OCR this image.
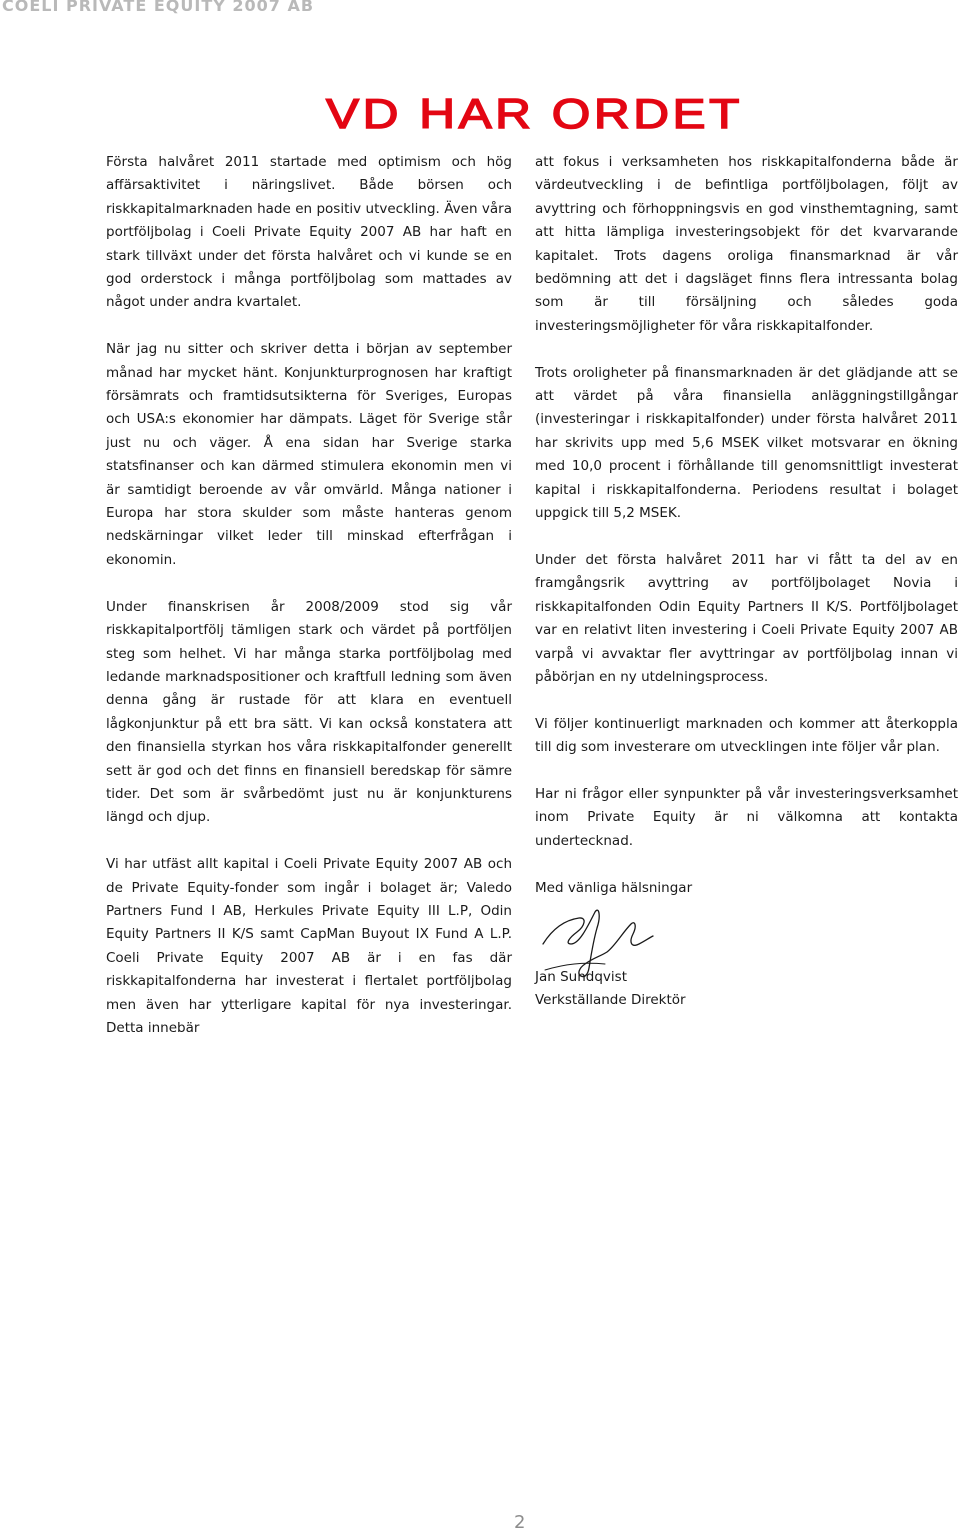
COELI PRIVATE EQUITY 2007 AB
VD HAR ORDET

Första halvåret 2011 startade med optimism och hög affärsaktivitet i näringslivet. Både börsen och riskkapitalmarknaden hade en positiv utveckling. Även våra portföljbolag i Coeli Private Equity 2007 AB har haft en stark tillväxt under det första halvåret och vi kunde se en god orderstock i många portföljbolag som mattades av något under andra kvartalet.

När jag nu sitter och skriver detta i början av september månad har mycket hänt. Konjunkturprognosen har kraftigt försämrats och framtidsutsikterna för Sveriges, Europas och USA:s ekonomier har dämpats. Läget för Sverige står just nu och väger. Å ena sidan har Sverige starka statsfinanser och kan därmed stimulera ekonomin men vi är samtidigt beroende av vår omvärld. Många nationer i Europa har stora skulder som måste hanteras genom nedskärningar vilket leder till minskad efterfrågan i ekonomin.

Under finanskrisen år 2008/2009 stod sig vår riskkapitalportfölj tämligen stark och värdet på portföljen steg som helhet. Vi har många starka portföljbolag med ledande marknadspositioner och kraftfull ledning som även denna gång är rustade för att klara en eventuell lågkonjunktur på ett bra sätt. Vi kan också konstatera att den finansiella styrkan hos våra riskkapitalfonder generellt sett är god och det finns en finansiell beredskap för sämre tider. Det som är svårbedömt just nu är konjunkturens längd och djup.

Vi har utfäst allt kapital i Coeli Private Equity 2007 AB och de Private Equity-fonder som ingår i bolaget är; Valedo Partners Fund I AB, Herkules Private Equity III L.P, Odin Equity Partners II K/S samt CapMan Buyout IX Fund A L.P. Coeli Private Equity 2007 AB är i en fas där riskkapitalfonderna har investerat i flertalet portföljbolag men även har ytterligare kapital för nya investeringar. Detta innebär

att fokus i verksamheten hos riskkapitalfonderna både är värdeutveckling i de befintliga portföljbolagen, följt av avyttring och förhoppningsvis en god vinsthemtagning, samt att hitta lämpliga investeringsobjekt för det kvarvarande kapitalet. Trots dagens oroliga finansmarknad är vår bedömning att det i dagsläget finns flera intressanta bolag som är till försäljning och således goda investeringsmöjligheter för våra riskkapitalfonder.

Trots oroligheter på finansmarknaden är det glädjande att se att värdet på våra finansiella anläggningstillgångar (investeringar i riskkapitalfonder) under första halvåret 2011 har skrivits upp med 5,6 MSEK vilket motsvarar en ökning med 10,0 procent i förhållande till genomsnittligt investerat kapital i riskkapitalfonderna. Periodens resultat i bolaget uppgick till 5,2 MSEK.

Under det första halvåret 2011 har vi fått ta del av en framgångsrik avyttring av portföljbolaget Novia i riskkapitalfonden Odin Equity Partners II K/S. Portföljbolaget var en relativt liten investering i Coeli Private Equity 2007 AB varpå vi avvaktar fler avyttringar av portföljbolag innan vi påbörjan en ny utdelningsprocess.

Vi följer kontinuerligt marknaden och kommer att återkoppla till dig som investerare om utvecklingen inte följer vår plan.

Har ni frågor eller synpunkter på vår investeringsverksamhet inom Private Equity är ni välkomna att kontakta undertecknad.

Med vänliga hälsningar

Jan Sundqvist
Verkställande Direktör
2
